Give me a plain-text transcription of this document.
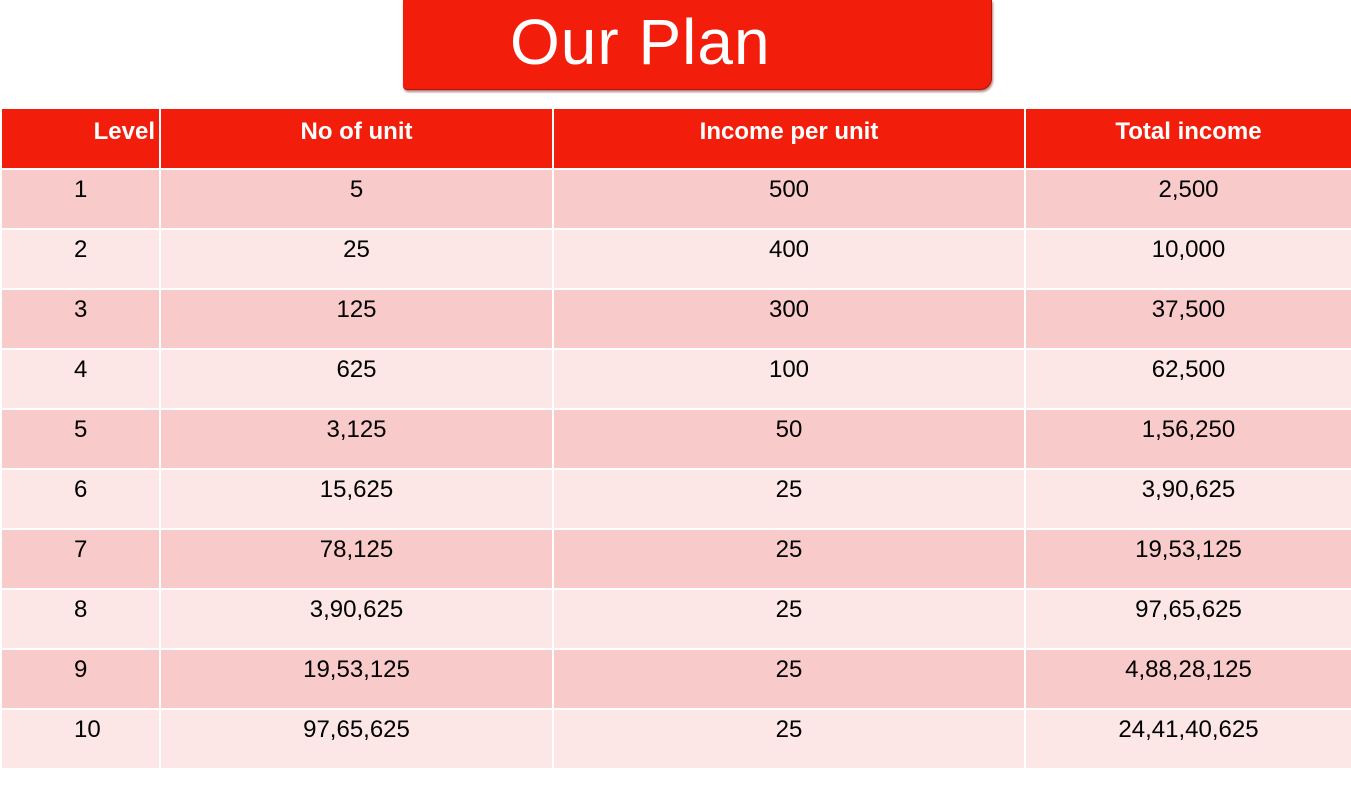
Our Plan
Level	No of unit	Income per unit	Total income
1	5	500	2,500
2	25	400	10,000
3	125	300	37,500
4	625	100	62,500
5	3,125	50	1,56,250
6	15,625	25	3,90,625
7	78,125	25	19,53,125
8	3,90,625	25	97,65,625
9	19,53,125	25	4,88,28,125
10	97,65,625	25	24,41,40,625
